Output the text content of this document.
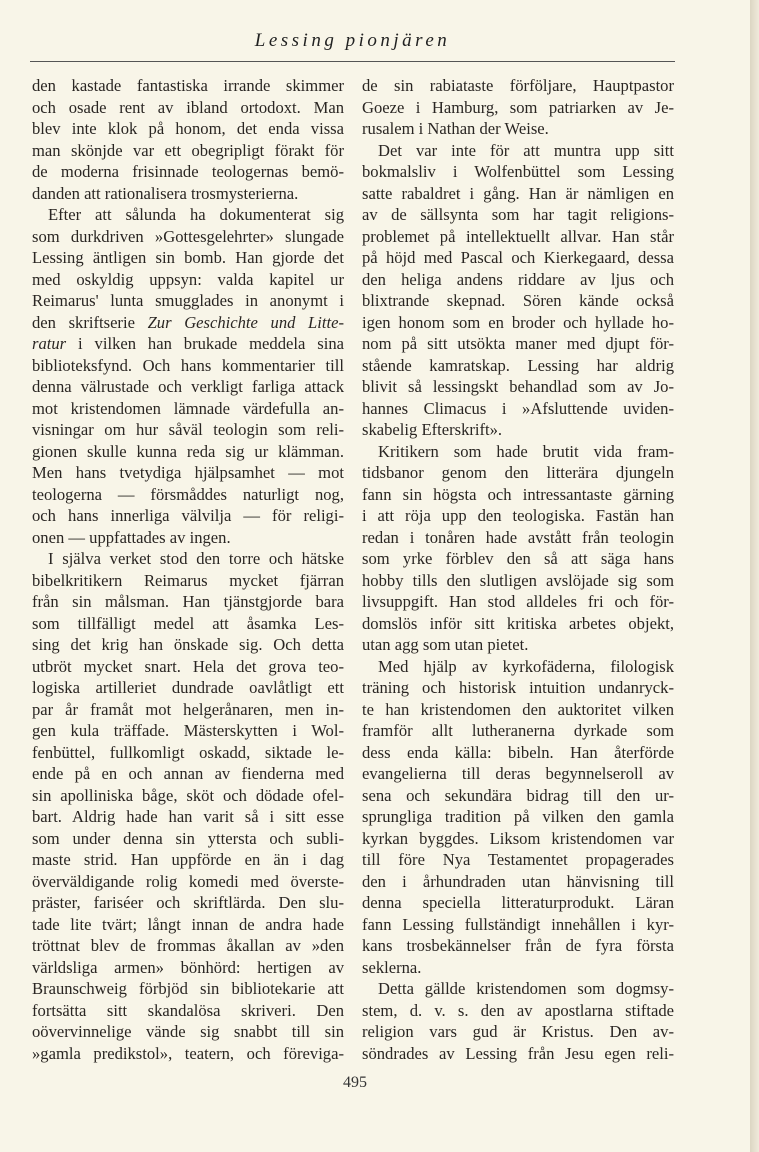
Lessing pionjären
den kastade fantastiska irrande skimmer
och osade rent av ibland ortodoxt. Man
blev inte klok på honom, det enda vissa
man skönjde var ett obegripligt förakt för
de moderna frisinnade teologernas bemö-
danden att rationalisera trosmysterierna.
Efter att sålunda ha dokumenterat sig
som durkdriven »Gottesgelehrter» slungade
Lessing äntligen sin bomb. Han gjorde det
med oskyldig uppsyn: valda kapitel ur
Reimarus' lunta smugglades in anonymt i
den skriftserie Zur Geschichte und Litte-
ratur i vilken han brukade meddela sina
biblioteksfynd. Och hans kommentarier till
denna välrustade och verkligt farliga attack
mot kristendomen lämnade värdefulla an-
visningar om hur såväl teologin som reli-
gionen skulle kunna reda sig ur klämman.
Men hans tvetydiga hjälpsamhet — mot
teologerna — försmåddes naturligt nog,
och hans innerliga välvilja — för religi-
onen — uppfattades av ingen.
I själva verket stod den torre och hätske
bibelkritikern Reimarus mycket fjärran
från sin målsman. Han tjänstgjorde bara
som tillfälligt medel att åsamka Les-
sing det krig han önskade sig. Och detta
utbröt mycket snart. Hela det grova teo-
logiska artilleriet dundrade oavlåtligt ett
par år framåt mot helgerånaren, men in-
gen kula träffade. Mästerskytten i Wol-
fenbüttel, fullkomligt oskadd, siktade le-
ende på en och annan av fienderna med
sin apolliniska båge, sköt och dödade ofel-
bart. Aldrig hade han varit så i sitt esse
som under denna sin yttersta och subli-
maste strid. Han uppförde en än i dag
överväldigande rolig komedi med överste-
präster, fariséer och skriftlärda. Den slu-
tade lite tvärt; långt innan de andra hade
tröttnat blev de frommas åkallan av »den
världsliga armen» bönhörd: hertigen av
Braunschweig förbjöd sin bibliotekarie att
fortsätta sitt skandalösa skriveri. Den
oövervinnelige vände sig snabbt till sin
»gamla predikstol», teatern, och föreviga-
de sin rabiataste förföljare, Hauptpastor
Goeze i Hamburg, som patriarken av Je-
rusalem i Nathan der Weise.
Det var inte för att muntra upp sitt
bokmalsliv i Wolfenbüttel som Lessing
satte rabaldret i gång. Han är nämligen en
av de sällsynta som har tagit religions-
problemet på intellektuellt allvar. Han står
på höjd med Pascal och Kierkegaard, dessa
den heliga andens riddare av ljus och
blixtrande skepnad. Sören kände också
igen honom som en broder och hyllade ho-
nom på sitt utsökta maner med djupt för-
stående kamratskap. Lessing har aldrig
blivit så lessingskt behandlad som av Jo-
hannes Climacus i »Afsluttende uviden-
skabelig Efterskrift».
Kritikern som hade brutit vida fram-
tidsbanor genom den litterära djungeln
fann sin högsta och intressantaste gärning
i att röja upp den teologiska. Fastän han
redan i tonåren hade avstått från teologin
som yrke förblev den så att säga hans
hobby tills den slutligen avslöjade sig som
livsuppgift. Han stod alldeles fri och för-
domslös inför sitt kritiska arbetes objekt,
utan agg som utan pietet.
Med hjälp av kyrkofäderna, filologisk
träning och historisk intuition undanryck-
te han kristendomen den auktoritet vilken
framför allt lutheranerna dyrkade som
dess enda källa: bibeln. Han återförde
evangelierna till deras begynnelseroll av
sena och sekundära bidrag till den ur-
sprungliga tradition på vilken den gamla
kyrkan byggdes. Liksom kristendomen var
till före Nya Testamentet propagerades
den i århundraden utan hänvisning till
denna speciella litteraturprodukt. Läran
fann Lessing fullständigt innehållen i kyr-
kans trosbekännelser från de fyra första
seklerna.
Detta gällde kristendomen som dogmsy-
stem, d. v. s. den av apostlarna stiftade
religion vars gud är Kristus. Den av-
söndrades av Lessing från Jesu egen reli-
495
